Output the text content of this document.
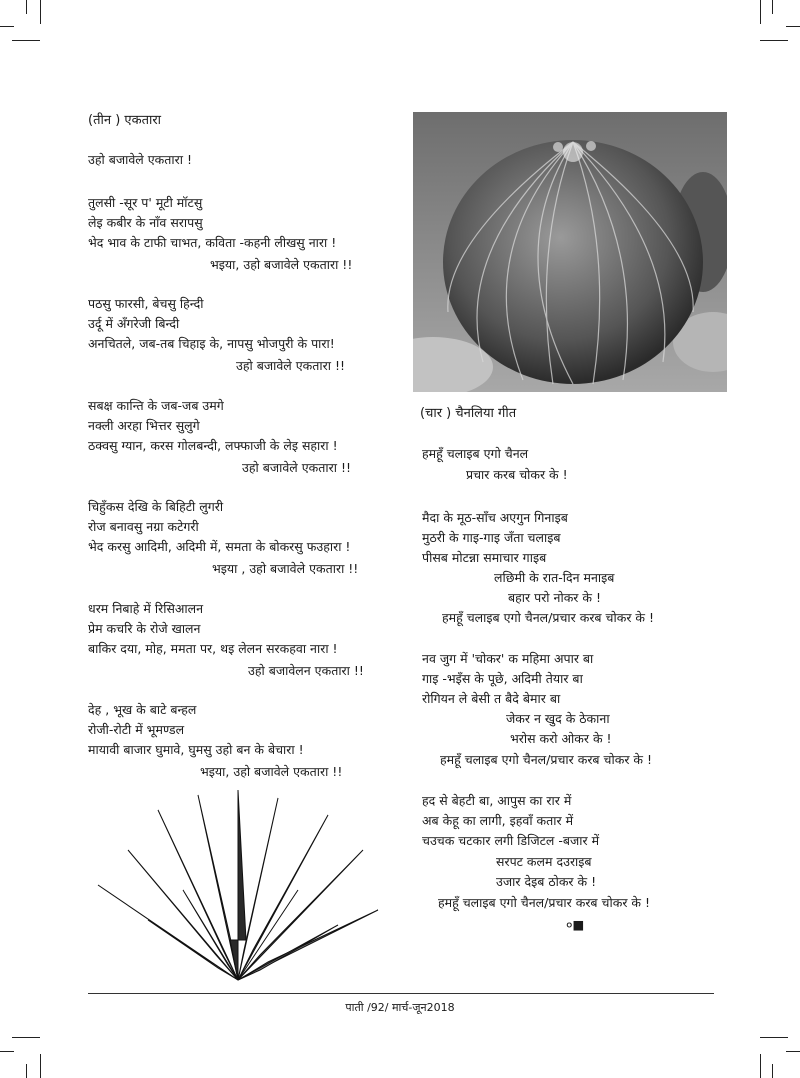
(तीन ) एकतारा
उहो बजावेले एकतारा !
तुलसी -सूर प' मूटी मॉटसु
लेइ कबीर के नाँव सरापसु
भेद भाव के टाफी चाभत, कविता -कहनी लीखसु नारा !
भइया, उहो बजावेले एकतारा !!
पठसु फारसी, बेचसु हिन्दी
उर्दू में अँगरेजी बिन्दी
अनचितले, जब-तब चिहाइ के, नापसु भोजपुरी के पारा!
उहो बजावेले एकतारा !!
सबक्ष कान्ति के जब-जब उमगे
नक्ली अरहा भित्तर सुलुगे
ठक्वसु ग्यान, करस गोलबन्दी, लफ्फाजी के लेइ सहारा !
उहो बजावेले एकतारा !!
चिहुँकस देखि के बिहिटी लुगरी
रोज बनावसु नग्रा कटेगरी
भेद करसु आदिमी, अदिमी में, समता के बोकरसु फउहारा !
भइया , उहो बजावेले एकतारा !!
धरम निबाहे में रिसिआलन
प्रेम कचरि के रोजे खालन
बाकिर दया, मोह, ममता पर, थइ लेलन सरकहवा नारा !
उहो बजावेलन एकतारा !!
देह , भूख के बाटे बन्हल
रोजी-रोटी में भूमण्डल
मायावी बाजार घुमावे, घुमसु उहो बन के बेचारा !
भइया, उहो बजावेले एकतारा !!
(चार ) चैनलिया गीत
हमहूँ चलाइब एगो चैनल
प्रचार करब चोकर के !
मैदा के मूठ-साँच अएगुन गिनाइब
मुठरी के गाइ-गाइ जँता चलाइब
पीसब मोटन्ना समाचार गाइब
लछिमी के रात-दिन मनाइब
बहार परो नोकर के !
हमहूँ चलाइब एगो चैनल/प्रचार करब चोकर के !
नव जुग में 'चोकर' क महिमा अपार बा
गाइ -भइँस के पूछे, अदिमी तेयार बा
रोगियन ले बेसी त बैदे बेमार बा
जेकर न खुद के ठेकाना
भरोस करो ओकर के !
हमहूँ चलाइब एगो चैनल/प्रचार करब चोकर के !
हद से बेहटी बा, आपुस का रार में
अब केहू का लागी, इहवाँ कतार में
चउचक चटकार लगी डिजिटल -बजार में
सरपट कलम दउराइब
उजार देइब ठोकर के !
हमहूँ चलाइब एगो चैनल/प्रचार करब चोकर के !
०■
पाती /92/ मार्च-जून2018
